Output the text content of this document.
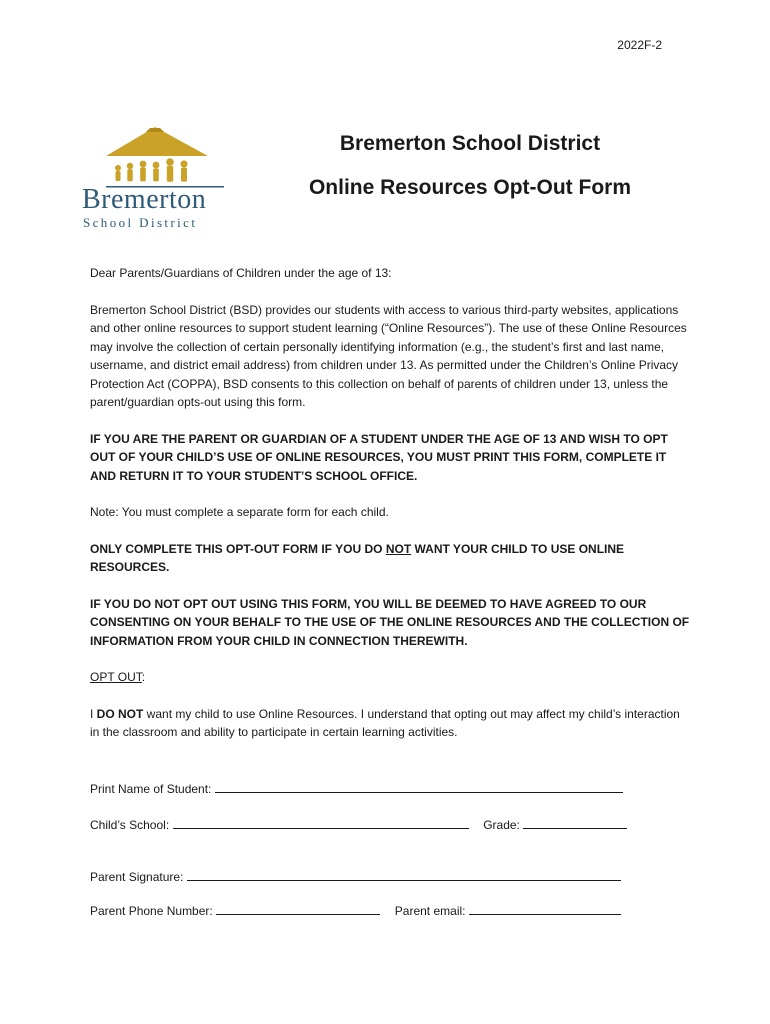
2022F-2
Bremerton
School District
Bremerton School District
Online Resources Opt-Out Form

Dear Parents/Guardians of Children under the age of 13:

Bremerton School District (BSD) provides our students with access to various third-party websites, applications and other online resources to support student learning (“Online Resources”). The use of these Online Resources may involve the collection of certain personally identifying information (e.g., the student’s first and last name, username, and district email address) from children under 13. As permitted under the Children’s Online Privacy Protection Act (COPPA), BSD consents to this collection on behalf of parents of children under 13, unless the parent/guardian opts-out using this form.

IF YOU ARE THE PARENT OR GUARDIAN OF A STUDENT UNDER THE AGE OF 13 AND WISH TO OPT OUT OF YOUR CHILD’S USE OF ONLINE RESOURCES, YOU MUST PRINT THIS FORM, COMPLETE IT AND RETURN IT TO YOUR STUDENT’S SCHOOL OFFICE.

Note: You must complete a separate form for each child.

ONLY COMPLETE THIS OPT-OUT FORM IF YOU DO NOT WANT YOUR CHILD TO USE ONLINE RESOURCES.

IF YOU DO NOT OPT OUT USING THIS FORM, YOU WILL BE DEEMED TO HAVE AGREED TO OUR CONSENTING ON YOUR BEHALF TO THE USE OF THE ONLINE RESOURCES AND THE COLLECTION OF INFORMATION FROM YOUR CHILD IN CONNECTION THEREWITH.

OPT OUT:

I DO NOT want my child to use Online Resources. I understand that opting out may affect my child’s interaction in the classroom and ability to participate in certain learning activities.

Print Name of Student:
Child’s School:	Grade:
Parent Signature:
Parent Phone Number:	Parent email:
